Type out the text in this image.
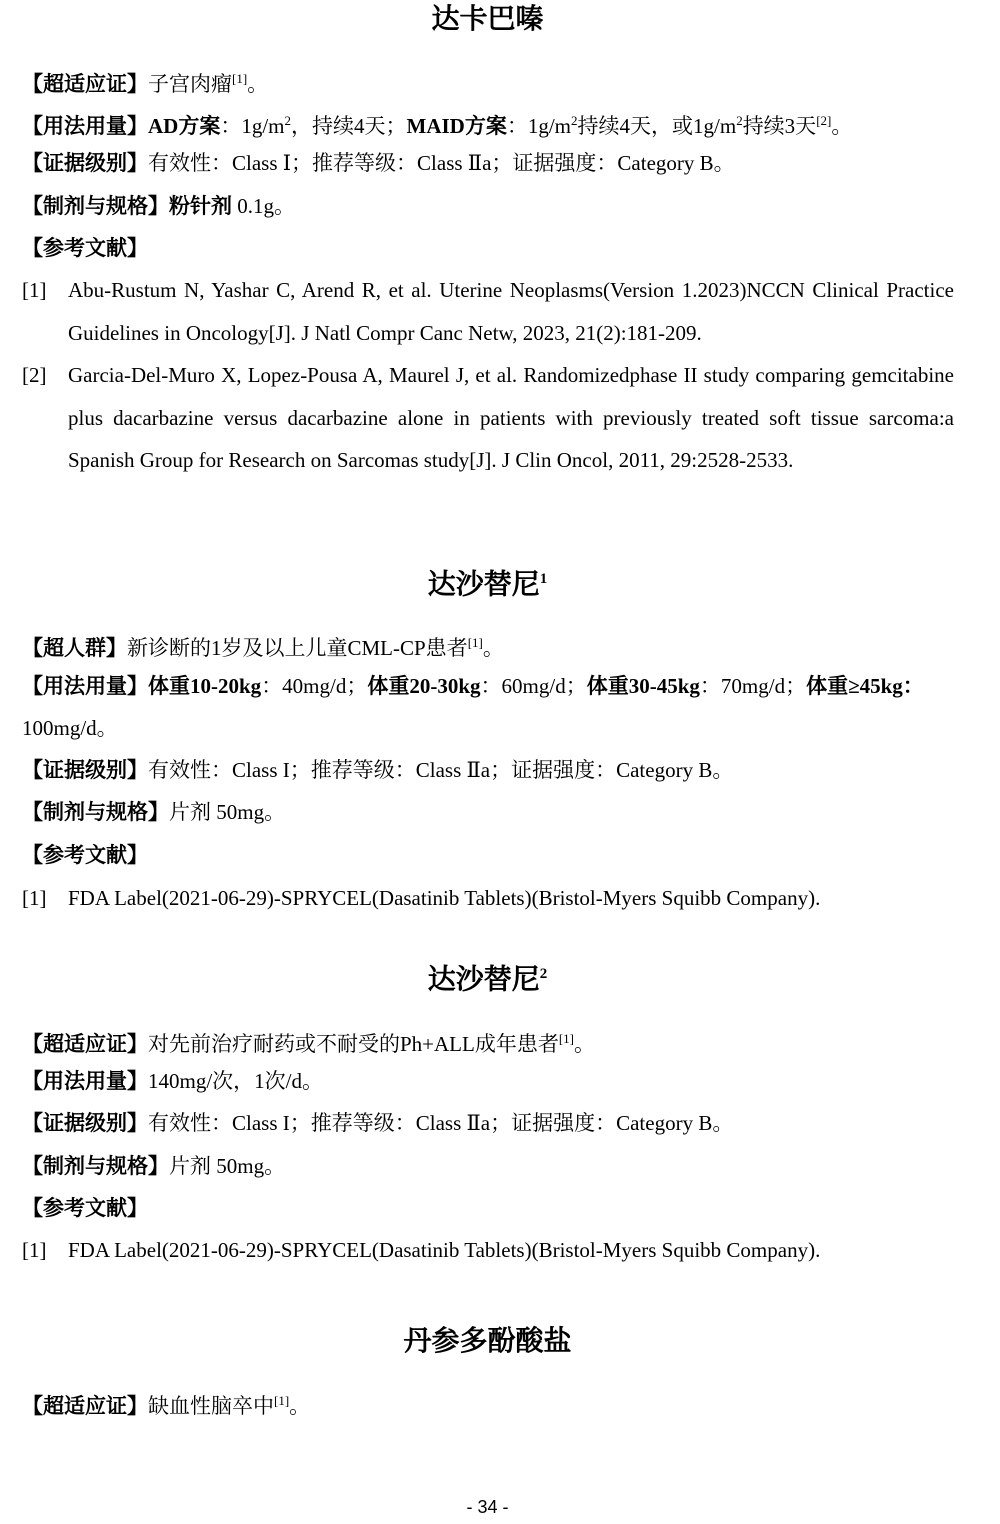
达卡巴嗪
【超适应证】子宫肉瘤[1]。
【用法用量】AD方案：$1g/m^2$，持续4天；MAID方案：$1g/m^2$持续4天，或$1g/m^2$持续3天[2]。
【证据级别】有效性：Class Ⅰ；推荐等级：Class Ⅱa；证据强度：Category B。
【制剂与规格】粉针剂 0.1g。
【参考文献】
[1] Abu-Rustum N, Yashar C, Arend R, et al. Uterine Neoplasms(Version 1.2023)NCCN Clinical Practice Guidelines in Oncology[J]. J Natl Compr Canc Netw, 2023, 21(2):181-209.
[2] Garcia-Del-Muro X, Lopez-Pousa A, Maurel J, et al. Randomizedphase II study comparing gemcitabine plus dacarbazine versus dacarbazine alone in patients with previously treated soft tissue sarcoma:a Spanish Group for Research on Sarcomas study[J]. J Clin Oncol, 2011, 29:2528-2533.
达沙替尼$^1$
【超人群】新诊断的1岁及以上儿童CML-CP患者[1]。
【用法用量】体重10-20kg：40mg/d；体重20-30kg：60mg/d；体重30-45kg：70mg/d；体重≥45kg：
100mg/d。
【证据级别】有效性：Class I；推荐等级：Class Ⅱa；证据强度：Category B。
【制剂与规格】片剂 50mg。
【参考文献】
[1] FDA Label(2021-06-29)-SPRYCEL(Dasatinib Tablets)(Bristol-Myers Squibb Company).
达沙替尼$^2$
【超适应证】对先前治疗耐药或不耐受的Ph+ALL成年患者[1]。
【用法用量】140mg/次，1次/d。
【证据级别】有效性：Class I；推荐等级：Class Ⅱa；证据强度：Category B。
【制剂与规格】片剂 50mg。
【参考文献】
[1] FDA Label(2021-06-29)-SPRYCEL(Dasatinib Tablets)(Bristol-Myers Squibb Company).
丹参多酚酸盐
【超适应证】缺血性脑卒中[1]。
- 34 -
